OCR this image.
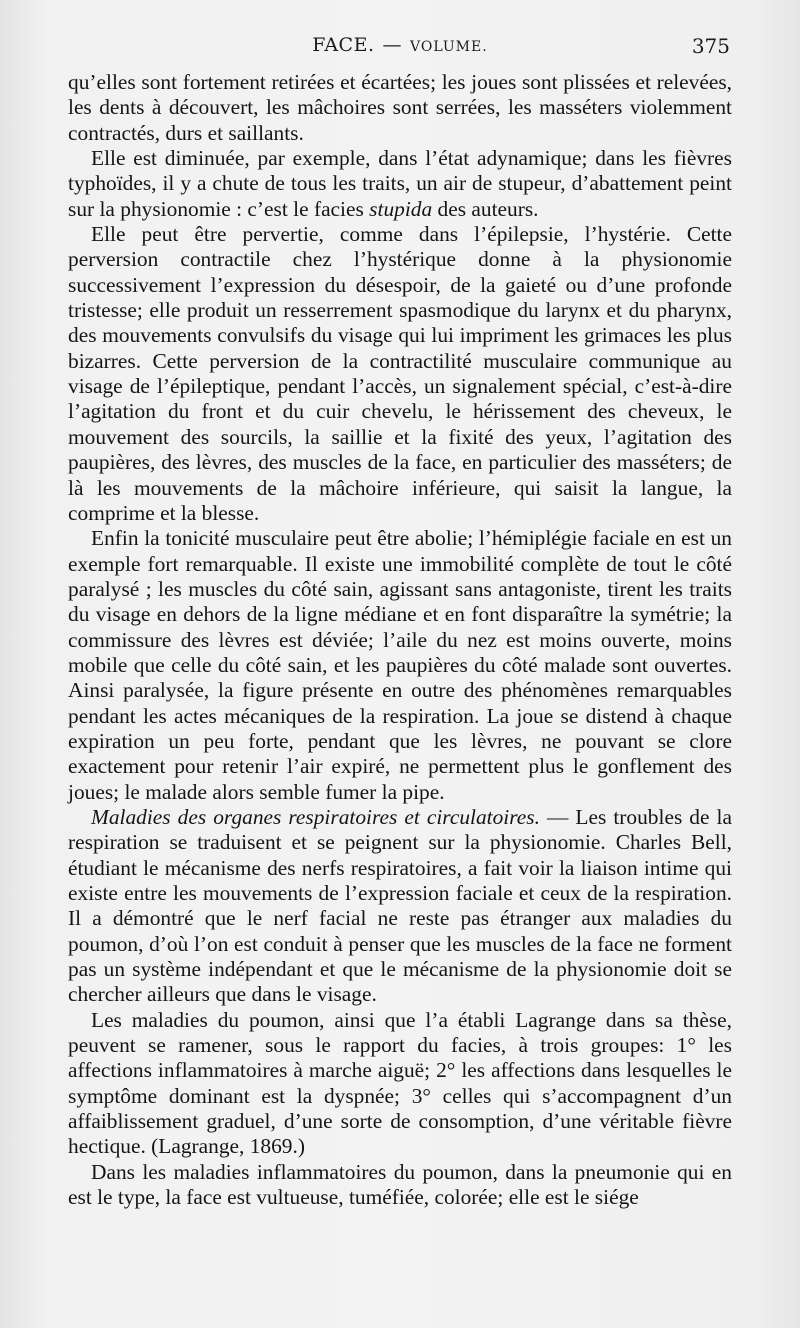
FACE. — VOLUME.	375

qu’elles sont fortement retirées et écartées; les joues sont plissées et relevées, les dents à découvert, les mâchoires sont serrées, les masséters violemment contractés, durs et saillants.

Elle est diminuée, par exemple, dans l’état adynamique; dans les fièvres typhoïdes, il y a chute de tous les traits, un air de stupeur, d’abattement peint sur la physionomie : c’est le facies stupida des auteurs.

Elle peut être pervertie, comme dans l’épilepsie, l’hystérie. Cette perversion contractile chez l’hystérique donne à la physionomie successivement l’expression du désespoir, de la gaieté ou d’une profonde tristesse; elle produit un resserrement spasmodique du larynx et du pharynx, des mouvements convulsifs du visage qui lui impriment les grimaces les plus bizarres. Cette perversion de la contractilité musculaire communique au visage de l’épileptique, pendant l’accès, un signalement spécial, c’est-à-dire l’agitation du front et du cuir chevelu, le hérissement des cheveux, le mouvement des sourcils, la saillie et la fixité des yeux, l’agitation des paupières, des lèvres, des muscles de la face, en particulier des masséters; de là les mouvements de la mâchoire inférieure, qui saisit la langue, la comprime et la blesse.

Enfin la tonicité musculaire peut être abolie; l’hémiplégie faciale en est un exemple fort remarquable. Il existe une immobilité complète de tout le côté paralysé ; les muscles du côté sain, agissant sans antagoniste, tirent les traits du visage en dehors de la ligne médiane et en font disparaître la symétrie; la commissure des lèvres est déviée; l’aile du nez est moins ouverte, moins mobile que celle du côté sain, et les paupières du côté malade sont ouvertes. Ainsi paralysée, la figure présente en outre des phénomènes remarquables pendant les actes mécaniques de la respiration. La joue se distend à chaque expiration un peu forte, pendant que les lèvres, ne pouvant se clore exactement pour retenir l’air expiré, ne permettent plus le gonflement des joues; le malade alors semble fumer la pipe.

Maladies des organes respiratoires et circulatoires. — Les troubles de la respiration se traduisent et se peignent sur la physionomie. Charles Bell, étudiant le mécanisme des nerfs respiratoires, a fait voir la liaison intime qui existe entre les mouvements de l’expression faciale et ceux de la respiration. Il a démontré que le nerf facial ne reste pas étranger aux maladies du poumon, d’où l’on est conduit à penser que les muscles de la face ne forment pas un système indépendant et que le mécanisme de la physionomie doit se chercher ailleurs que dans le visage.

Les maladies du poumon, ainsi que l’a établi Lagrange dans sa thèse, peuvent se ramener, sous le rapport du facies, à trois groupes: 1° les affections inflammatoires à marche aiguë; 2° les affections dans lesquelles le symptôme dominant est la dyspnée; 3° celles qui s’accompagnent d’un affaiblissement graduel, d’une sorte de consomption, d’une véritable fièvre hectique. (Lagrange, 1869.)

Dans les maladies inflammatoires du poumon, dans la pneumonie qui en est le type, la face est vultueuse, tuméfiée, colorée; elle est le siége
